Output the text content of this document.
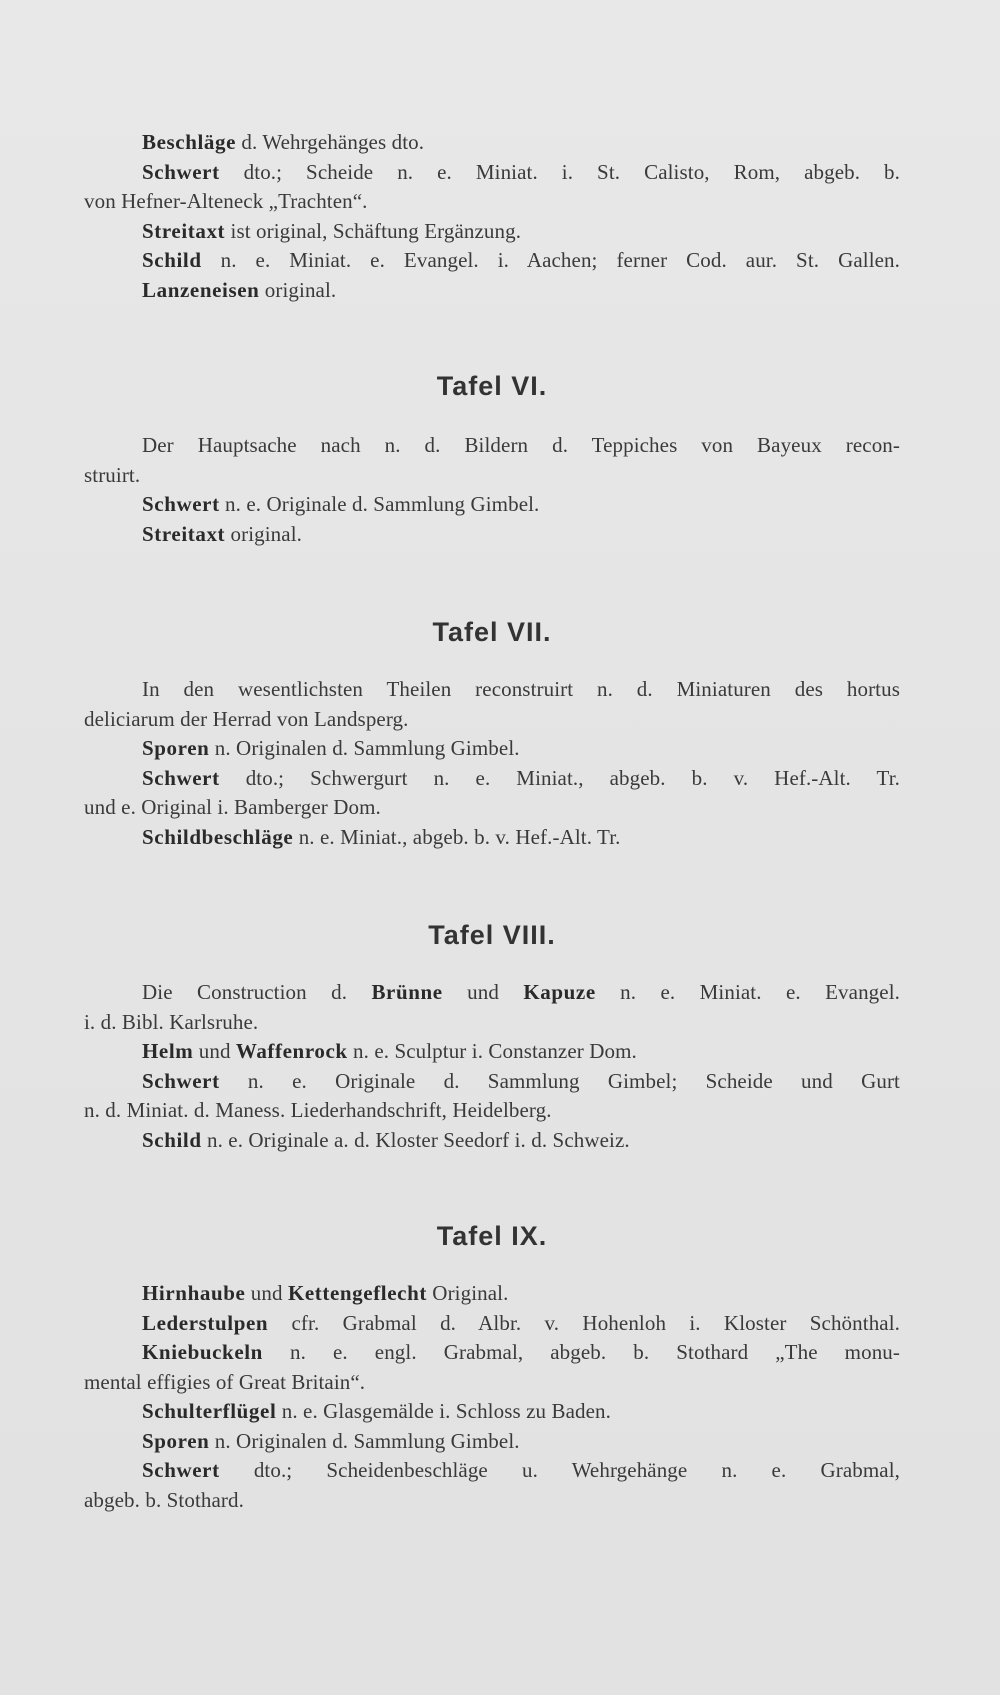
Beschläge d. Wehrgehänges dto.
Schwert dto.; Scheide n. e. Miniat. i. St. Calisto, Rom, abgeb. b.
von Hefner-Alteneck „Trachten“.
Streitaxt ist original, Schäftung Ergänzung.
Schild n. e. Miniat. e. Evangel. i. Aachen; ferner Cod. aur. St. Gallen.
Lanzeneisen original.
Tafel VI.
Der Hauptsache nach n. d. Bildern d. Teppiches von Bayeux recon-
struirt.
Schwert n. e. Originale d. Sammlung Gimbel.
Streitaxt original.
Tafel VII.
In den wesentlichsten Theilen reconstruirt n. d. Miniaturen des hortus
deliciarum der Herrad von Landsperg.
Sporen n. Originalen d. Sammlung Gimbel.
Schwert dto.; Schwergurt n. e. Miniat., abgeb. b. v. Hef.-Alt. Tr.
und e. Original i. Bamberger Dom.
Schildbeschläge n. e. Miniat., abgeb. b. v. Hef.-Alt. Tr.
Tafel VIII.
Die Construction d. Brünne und Kapuze n. e. Miniat. e. Evangel.
i. d. Bibl. Karlsruhe.
Helm und Waffenrock n. e. Sculptur i. Constanzer Dom.
Schwert n. e. Originale d. Sammlung Gimbel; Scheide und Gurt
n. d. Miniat. d. Maness. Liederhandschrift, Heidelberg.
Schild n. e. Originale a. d. Kloster Seedorf i. d. Schweiz.
Tafel IX.
Hirnhaube und Kettengeflecht Original.
Lederstulpen cfr. Grabmal d. Albr. v. Hohenloh i. Kloster Schönthal.
Kniebuckeln n. e. engl. Grabmal, abgeb. b. Stothard „The monu-
mental effigies of Great Britain“.
Schulterflügel n. e. Glasgemälde i. Schloss zu Baden.
Sporen n. Originalen d. Sammlung Gimbel.
Schwert dto.; Scheidenbeschläge u. Wehrgehänge n. e. Grabmal,
abgeb. b. Stothard.
